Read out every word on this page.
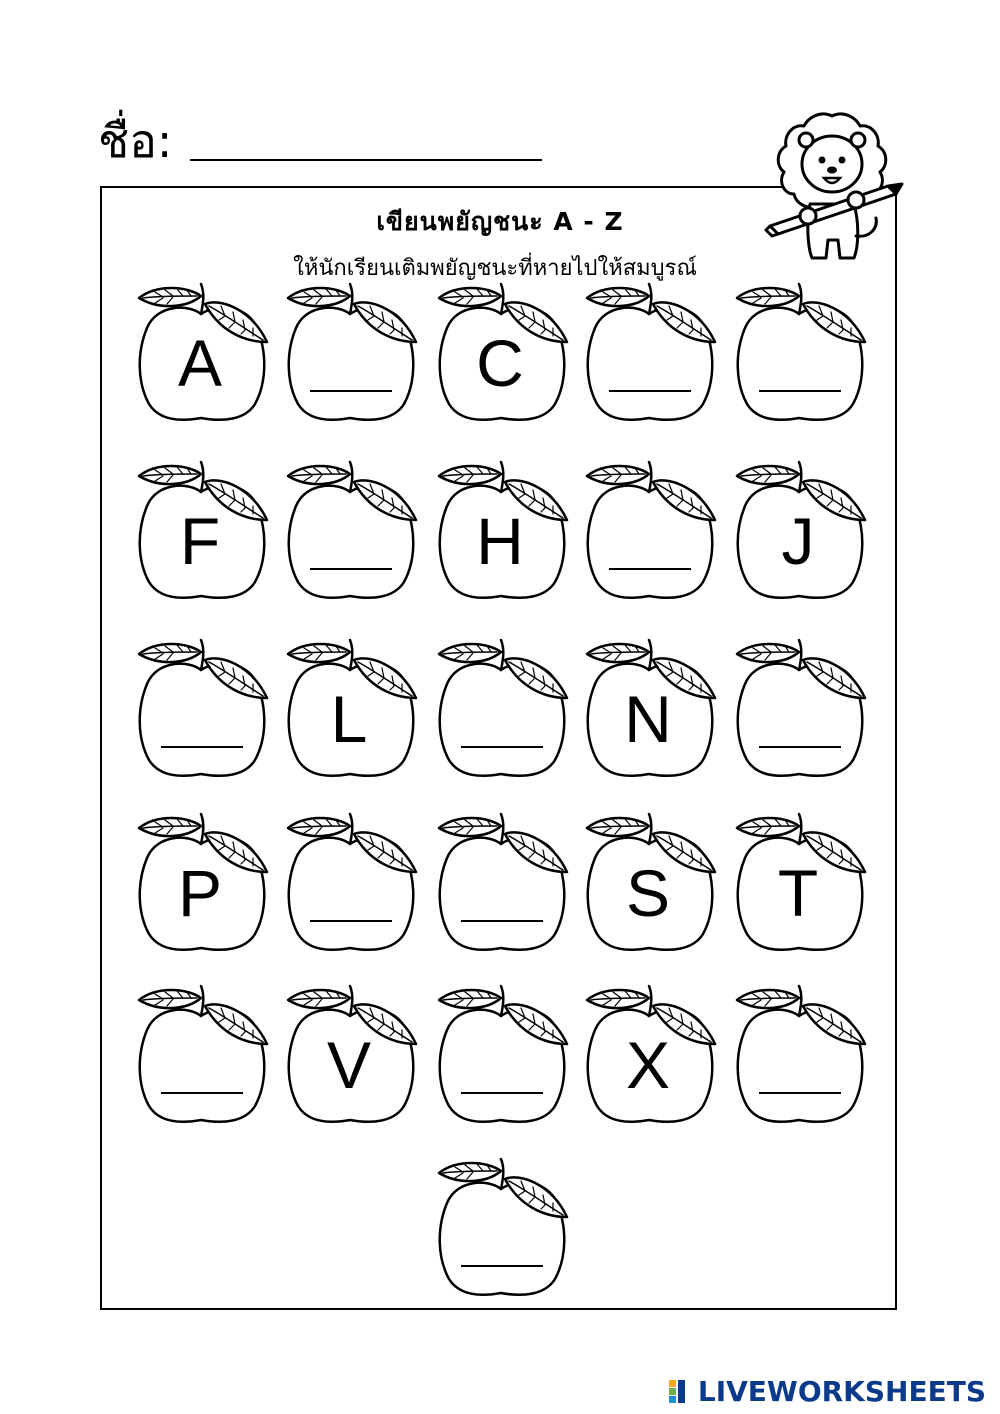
ชื่อ:
เขียนพยัญชนะ A - Z
ให้นักเรียนเติมพยัญชนะที่หายไปให้สมบูรณ์
A	C
F	H	J
L	N
P	S	T
V	X
LIVEWORKSHEETS
